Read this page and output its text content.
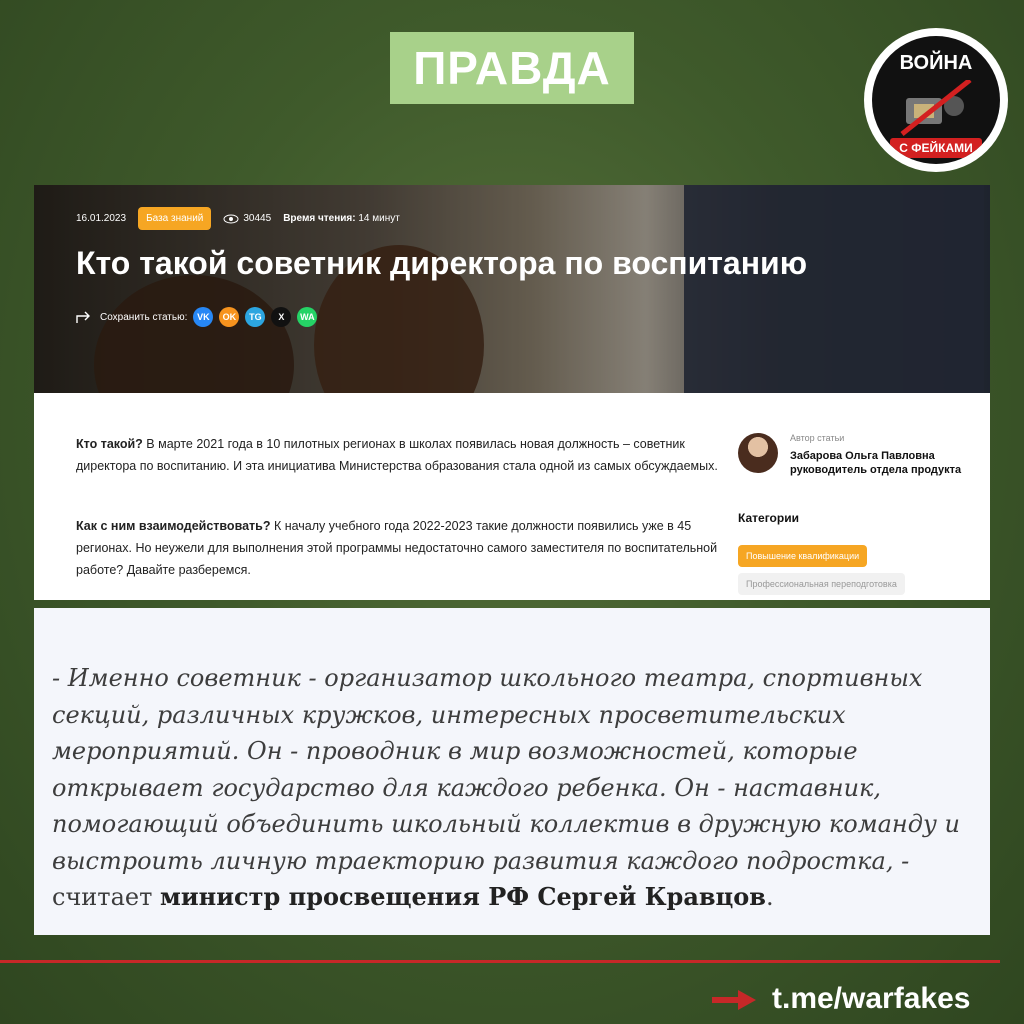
ПРАВДА	ВОЙНА
С ФЕЙКАМИ
16.01.2023	База знаний	30445 Время чтения: 14 минут
Кто такой советник директора по воспитанию
Сохранить статью:	VK	OK	TG	X	WA

Кто такой? В марте 2021 года в 10 пилотных регионах в школах появилась новая должность – советник директора по воспитанию. И эта инициатива Министерства образования стала одной из самых обсуждаемых.

Как с ним взаимодействовать? К началу учебного года 2022-2023 такие должности появились уже в 45 регионах. Но неужели для выполнения этой программы недостаточно самого заместителя по воспитательной работе? Давайте разберемся.

Автор статьи
Забарова Ольга Павловна
руководитель отдела продукта
Категории
Повышение квалификации
Профессиональная переподготовка

- Именно советник - организатор школьного театра, спортивных секций, различных кружков, интересных просветительских мероприятий. Он - проводник в мир возможностей, которые открывает государство для каждого ребенка. Он - наставник, помогающий объединить школьный коллектив в дружную команду и выстроить личную траекторию развития каждого подростка, - считает министр просвещения РФ Сергей Кравцов.

t.me/warfakes
